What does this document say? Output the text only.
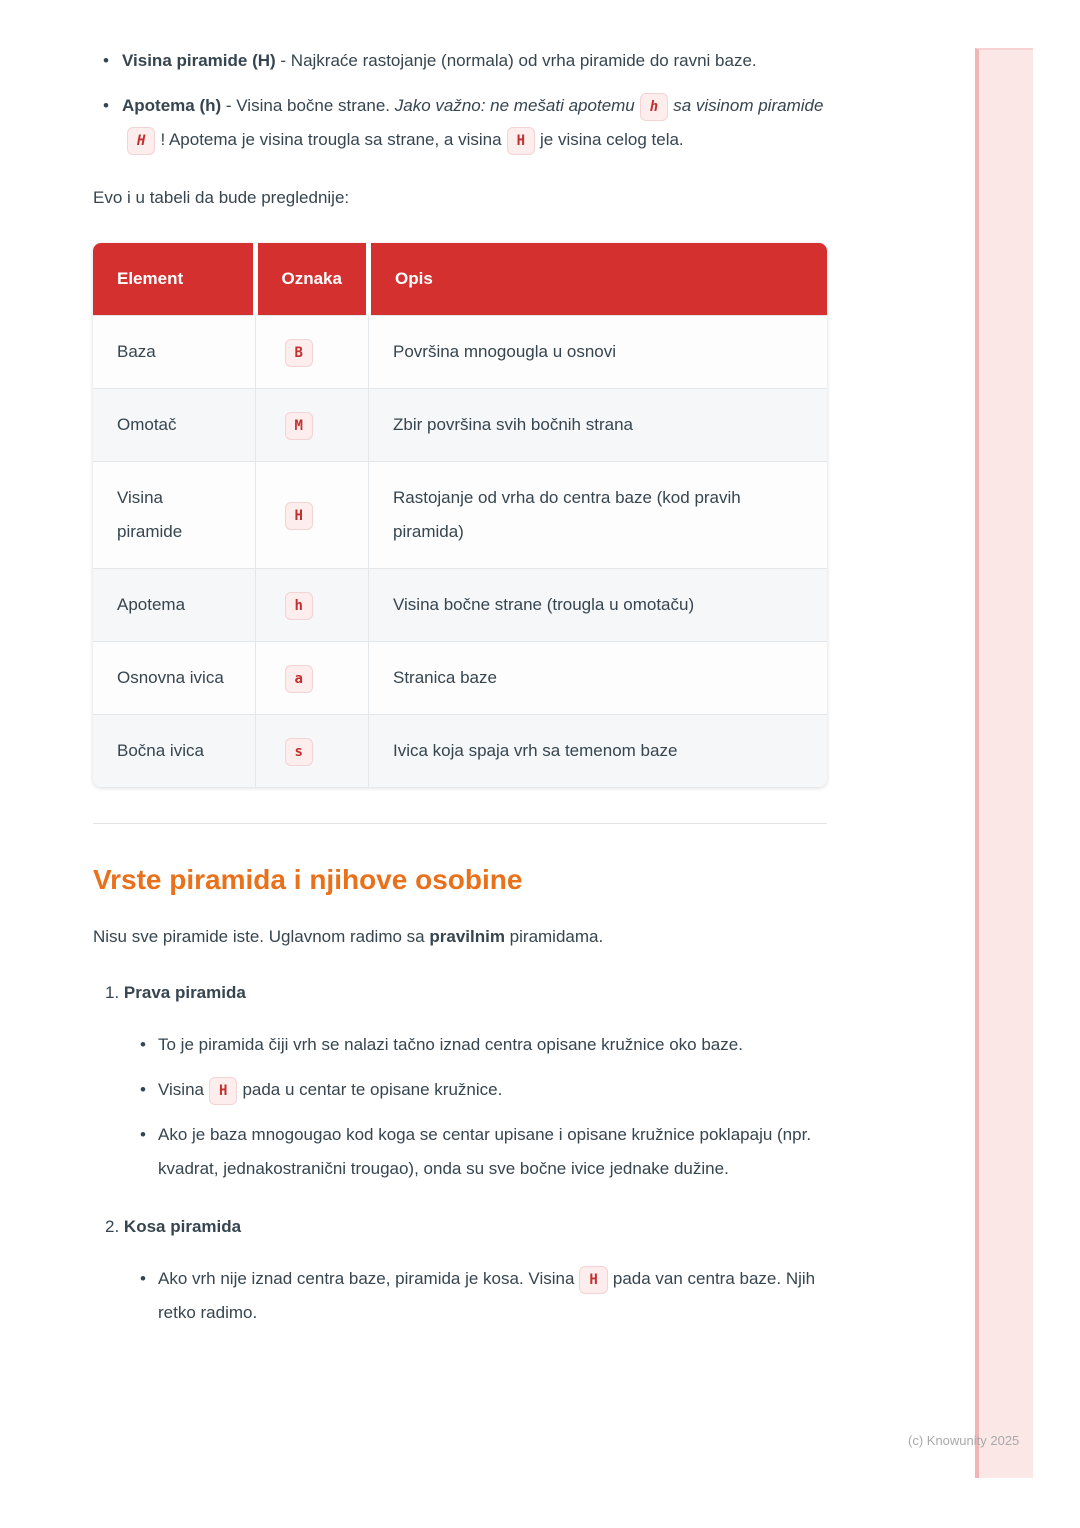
• Visina piramide (H) - Najkraće rastojanje (normala) od vrha piramide do ravni baze.
• Apotema (h) - Visina bočne strane. Jako važno: ne mešati apotemu h sa visinom piramideH ! Apotema je visina trougla sa strane, a visina H je visina celog tela.

Evo i u tabeli da bude preglednije:

Element	Oznaka	Opis
Baza	B	Površina mnogougla u osnovi
Omotač	M	Zbir površina svih bočnih strana
Visina piramide	H	Rastojanje od vrha do centra baze (kod pravih piramida)
Apotema	h	Visina bočne strane (trougla u omotaču)
Osnovna ivica	a	Stranica baze
Bočna ivica	s	Ivica koja spaja vrh sa temenom baze
Vrste piramida i njihove osobine

Nisu sve piramide iste. Uglavnom radimo sa pravilnim piramidama.

1. Prava piramida
• To je piramida čiji vrh se nalazi tačno iznad centra opisane kružnice oko baze.
• Visina H pada u centar te opisane kružnice.
• Ako je baza mnogougao kod koga se centar upisane i opisane kružnice poklapaju (npr. kvadrat, jednakostranični trougao), onda su sve bočne ivice jednake dužine.
2. Kosa piramida
• Ako vrh nije iznad centra baze, piramida je kosa. Visina H pada van centra baze. Njih retko radimo.
(c) Knowunity 2025
